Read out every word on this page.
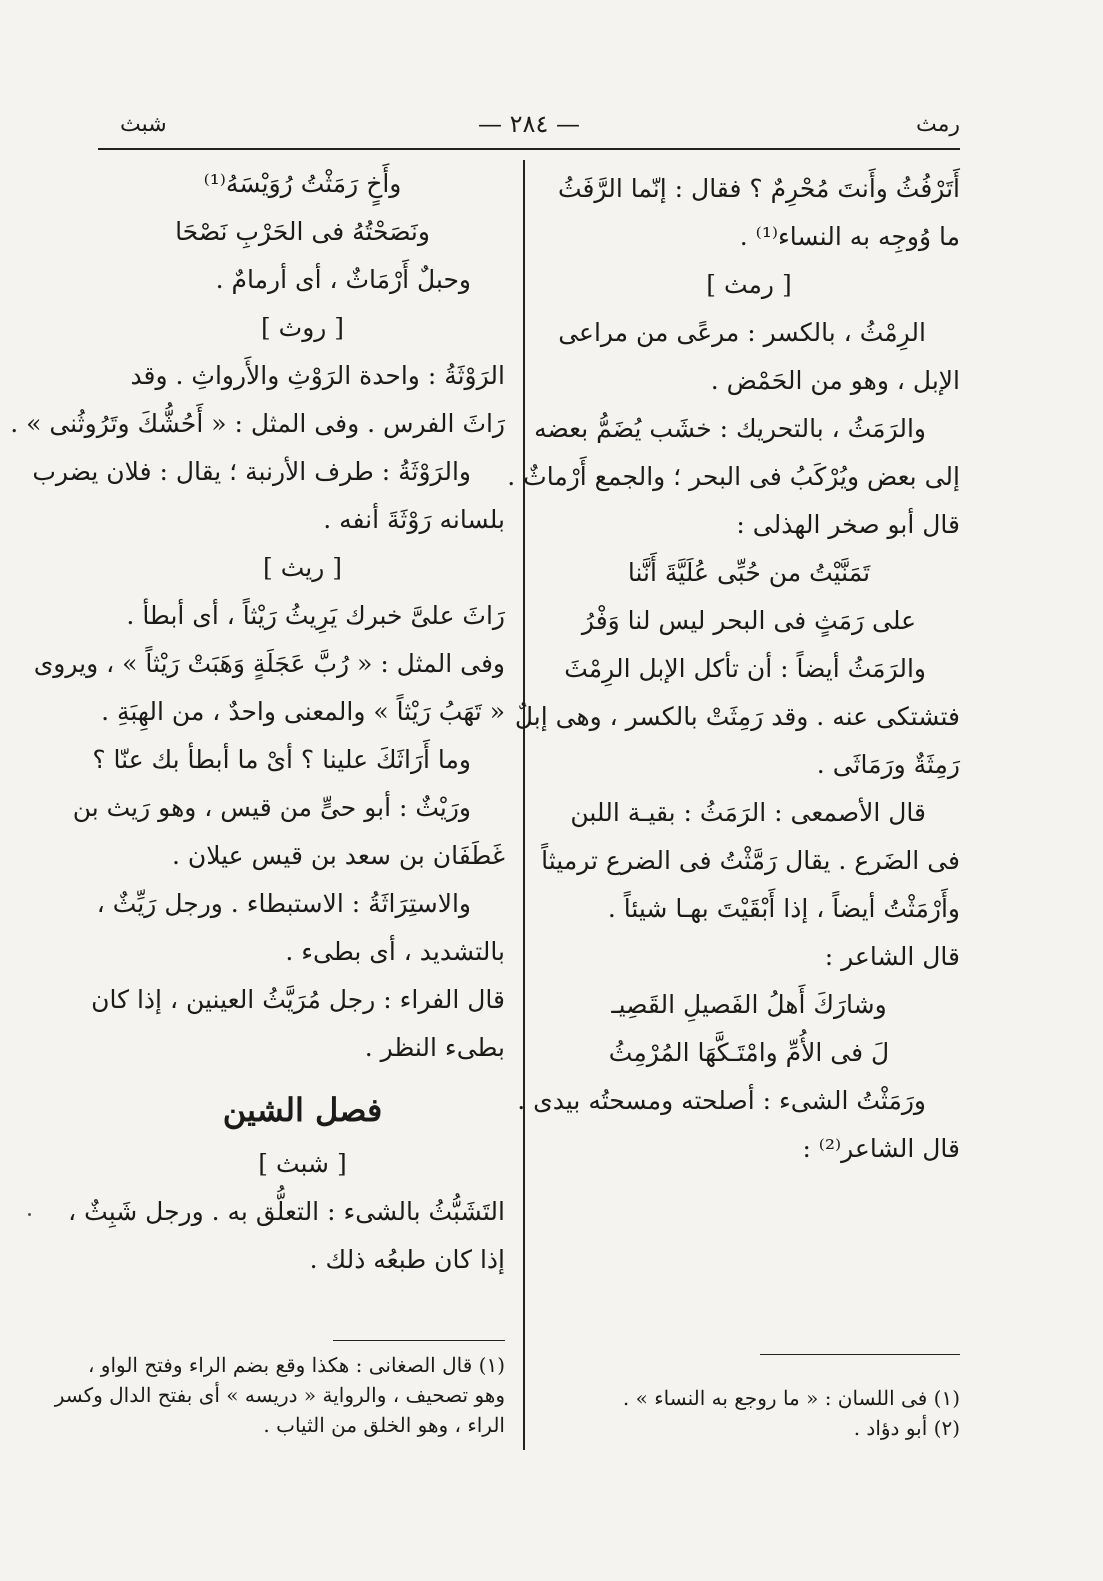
رمث
— ٢٨٤ —
شبث
أَتَرْفُثُ وأَنتَ مُحْرِمٌ ؟ فقال : إنّما الرَّفَثُ
ما وُوجِه به النساء⁽¹⁾ .
[ رمث ]
الرِمْثُ ، بالكسر : مرعًى من مراعى
الإبل ، وهو من الحَمْض .
والرَمَثُ ، بالتحريك : خشَب يُضَمُّ بعضه
إلى بعض ويُرْكَبُ فى البحر ؛ والجمع أَرْماثٌ .
قال أبو صخر الهذلى :
تَمَنَّيْتُ من حُبِّى عُلَيَّةَ أَنَّنا
على رَمَثٍ فى البحر ليس لنا وَفْرُ
والرَمَثُ أيضاً : أن تأكل الإبل الرِمْثَ
فتشتكى عنه . وقد رَمِثَتْ بالكسر ، وهى إبلٌ
رَمِثَةٌ ورَمَاثَى .
قال الأصمعى : الرَمَثُ : بقيـة اللبن
فى الضَرع . يقال رَمَّثْتُ فى الضرع ترميثاً
وأَرْمَثْتُ أيضاً ، إذا أَبْقَيْتَ بهـا شيئاً .
قال الشاعر :
وشارَكَ أَهلُ الفَصيلِ القَصِيـ
لَ فى الأُمِّ وامْتَـكَّهَا المُرْمِثُ
ورَمَثْتُ الشىء : أصلحته ومسحتُه بيدى .
قال الشاعر⁽²⁾ :
(١) فى اللسان : « ما روجع به النساء » .
(٢) أبو دؤاد .
وأَخٍ رَمَثْتُ رُوَيْسَهُ⁽¹⁾
ونَصَحْتُهُ فى الحَرْبِ نَصْحَا
وحبلٌ أَرْمَاثٌ ، أى أرمامٌ .
[ روث ]
الرَوْثَةُ : واحدة الرَوْثِ والأَرواثِ . وقد
رَاثَ الفرس . وفى المثل : « أَحُشُّكَ وتَرُوثُنى » .
والرَوْثَةُ : طرف الأرنبة ؛ يقال : فلان يضرب
بلسانه رَوْثَةَ أنفه .
[ ريث ]
رَاثَ علىَّ خبرك يَرِيثُ رَيْثاً ، أى أبطأ .
وفى المثل : « رُبَّ عَجَلَةٍ وَهَبَتْ رَيْثاً » ، ويروى
« تَهَبُ رَيْثاً » والمعنى واحدٌ ، من الهِبَةِ .
وما أَرَاثَكَ علينا ؟ أىْ ما أبطأ بك عنّا ؟
ورَيْثٌ : أبو حىٍّ من قيس ، وهو رَيث بن
غَطَفَان بن سعد بن قيس عيلان .
والاستِرَاثَةُ : الاستبطاء . ورجل رَيِّثٌ ،
بالتشديد ، أى بطىء .
قال الفراء : رجل مُرَيَّثُ العينين ، إذا كان
بطىء النظر .
فصل الشين
[ شبث ]
التَشَبُّثُ بالشىء : التعلُّق به . ورجل شَبِثٌ ،
إذا كان طبعُه ذلك .
(١) قال الصغانى : هكذا وقع بضم الراء وفتح الواو ،
وهو تصحيف ، والرواية « دريسه » أى بفتح الدال وكسر
الراء ، وهو الخلق من الثياب .
